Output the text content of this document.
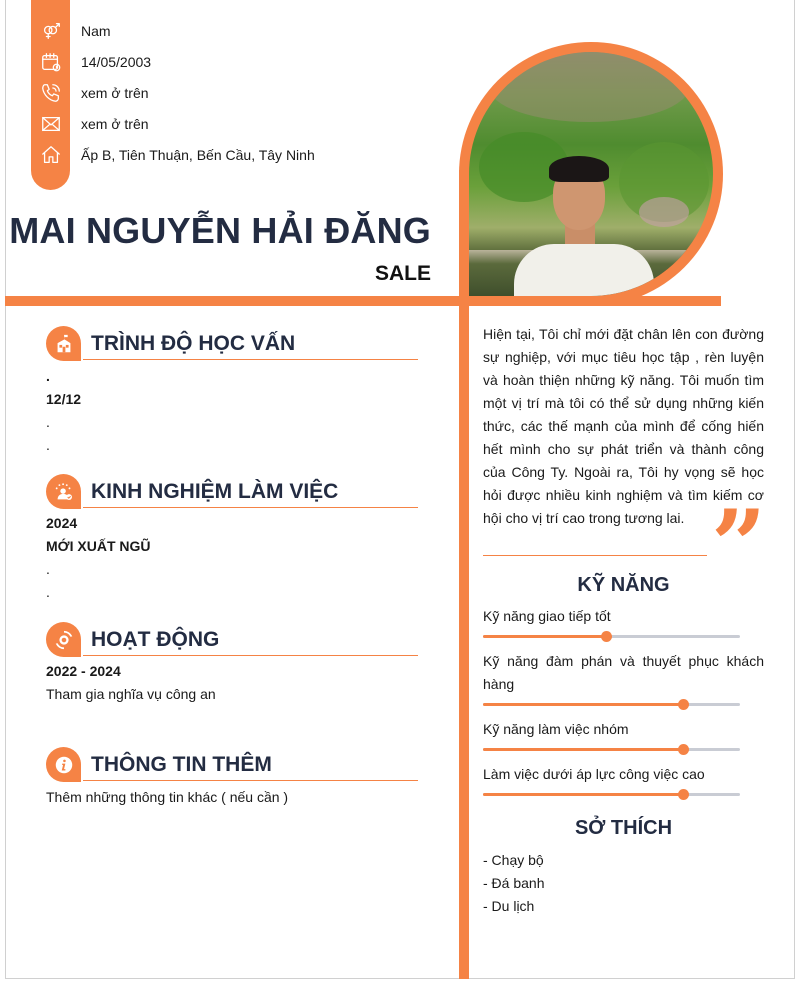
Nam
14/05/2003
xem ở trên
xem ở trên
Ấp B, Tiên Thuận, Bến Cầu, Tây Ninh
MAI NGUYỄN HẢI ĐĂNG
SALE
TRÌNH ĐỘ HỌC VẤN
.
12/12
.
.
KINH NGHIỆM LÀM VIỆC
2024
MỚI XUẤT NGŨ
.
.
HOẠT ĐỘNG
2022 - 2024
Tham gia nghĩa vụ công an
THÔNG TIN THÊM
Thêm những thông tin khác ( nếu cần )
Hiện tại, Tôi chỉ mới đặt chân lên con đường sự nghiệp, với mục tiêu học tập , rèn luyện và hoàn thiện những kỹ năng. Tôi muốn tìm một vị trí mà tôi có thể sử dụng những kiến thức, các thế mạnh của mình để cống hiến hết mình cho sự phát triển và thành công của Công Ty. Ngoài ra, Tôi hy vọng sẽ học hỏi được nhiều kinh nghiệm và tìm kiếm cơ hội cho vị trí cao trong tương lai. ”
KỸ NĂNG
Kỹ năng giao tiếp tốt
Kỹ năng đàm phán và thuyết phục khách hàng
Kỹ năng làm việc nhóm
Làm việc dưới áp lực công việc cao
SỞ THÍCH
- Chạy bộ
- Đá banh
- Du lịch
